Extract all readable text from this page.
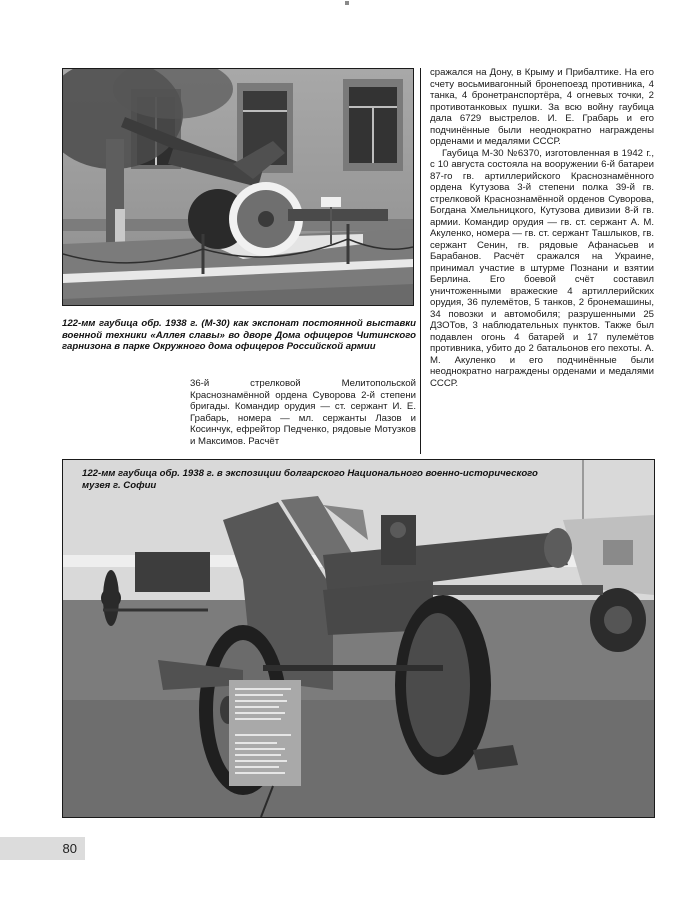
122-мм гаубица обр. 1938 г. (М-30) как экспонат постоянной выставки военной техники «Аллея славы» во дворе Дома офицеров Читинского гарнизона в парке Окружного дома офицеров Российской армии

36-й стрелковой Мелитопольской Краснознамённой ордена Суворова 2-й степени бригады. Командир орудия — ст. сержант И. Е. Грабарь, номера — мл. сержанты Лазов и Косинчук, ефрейтор Педченко, рядовые Мотузков и Максимов. Расчёт

сражался на Дону, в Крыму и Прибалтике. На его счету восьмивагонный бронепоезд противника, 4 танка, 4 бронетранспортёра, 4 огневых точки, 2 противотанковых пушки. За всю войну гаубица дала 6729 выстрелов. И. Е. Грабарь и его подчинённые были неоднократно награждены орденами и медалями СССР.

Гаубица М-30 №6370, изготовленная в 1942 г., с 10 августа состояла на вооружении 6-й батареи 87-го гв. артиллерийского Краснознамённого ордена Кутузова 3-й степени полка 39-й гв. стрелковой Краснознамённой орденов Суворова, Богдана Хмельницкого, Кутузова дивизии 8-й гв. армии. Командир орудия — гв. ст. сержант А. М. Акуленко, номера — гв. ст. сержант Ташлыков, гв. сержант Сенин, гв. рядовые Афанасьев и Барабанов. Расчёт сражался на Украине, принимал участие в штурме Познани и взятии Берлина. Его боевой счёт составил уничтоженными вражеские 4 артиллерийских орудия, 36 пулемётов, 5 танков, 2 бронемашины, 34 повозки и автомобиля; разрушенными 25 ДЗОТов, 3 наблюдательных пунктов. Также был подавлен огонь 4 батарей и 17 пулемётов противника, убито до 2 батальонов его пехоты. А. М. Акуленко и его подчинённые были неоднократно награждены орденами и медалями СССР.

122-мм гаубица обр. 1938 г. в экспозиции болгарского Национального военно-исторического музея г. Софии
80
